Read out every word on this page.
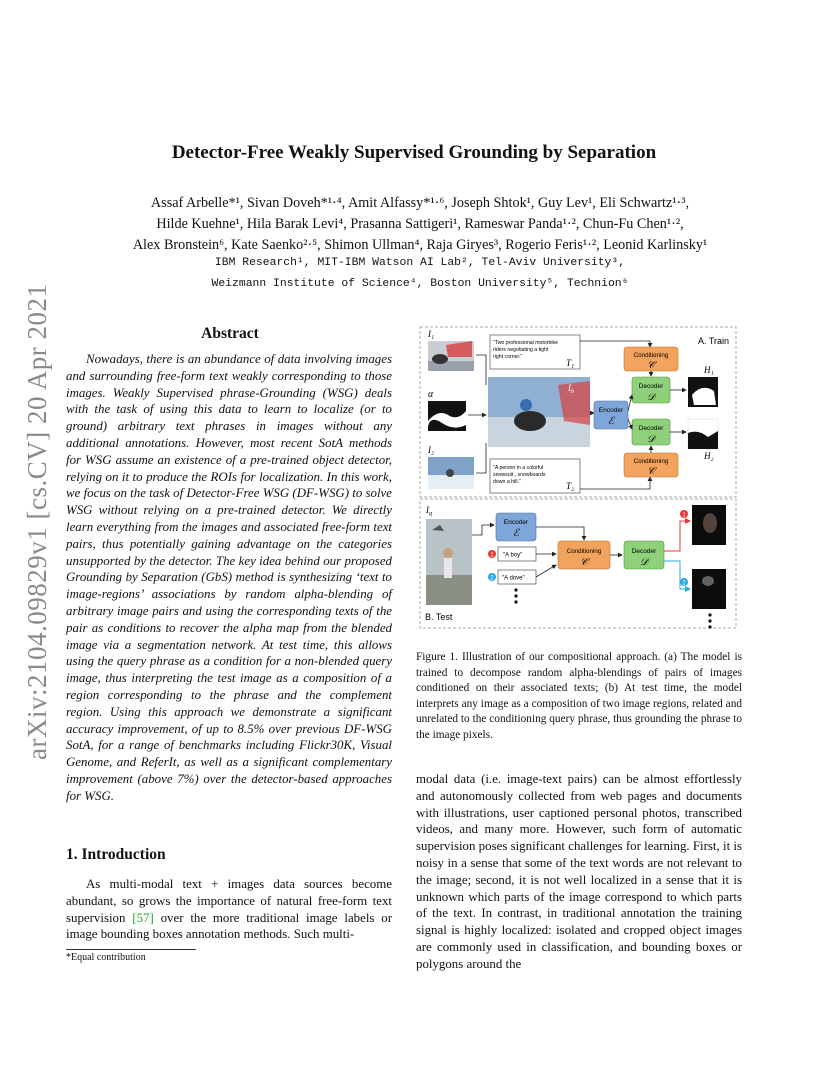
arXiv:2104.09829v1 [cs.CV] 20 Apr 2021
Detector-Free Weakly Supervised Grounding by Separation
Assaf Arbelle*¹, Sivan Doveh*¹·⁴, Amit Alfassy*¹·⁶, Joseph Shtok¹, Guy Lev¹, Eli Schwartz¹·³,
Hilde Kuehne¹, Hila Barak Levi⁴, Prasanna Sattigeri¹, Rameswar Panda¹·², Chun-Fu Chen¹·²,
Alex Bronstein⁶, Kate Saenko²·⁵, Shimon Ullman⁴, Raja Giryes³, Rogerio Feris¹·², Leonid Karlinsky¹
IBM Research¹, MIT-IBM Watson AI Lab², Tel-Aviv University³,
Weizmann Institute of Science⁴, Boston University⁵, Technion⁶
Abstract
Nowadays, there is an abundance of data involving images and surrounding free-form text weakly corresponding to those images. Weakly Supervised phrase-Grounding (WSG) deals with the task of using this data to learn to localize (or to ground) arbitrary text phrases in images without any additional annotations. However, most recent SotA methods for WSG assume an existence of a pre-trained object detector, relying on it to produce the ROIs for localization. In this work, we focus on the task of Detector-Free WSG (DF-WSG) to solve WSG without relying on a pre-trained detector. We directly learn everything from the images and associated free-form text pairs, thus potentially gaining advantage on the categories unsupported by the detector. The key idea behind our proposed Grounding by Separation (GbS) method is synthesizing ‘text to image-regions’ associations by random alpha-blending of arbitrary image pairs and using the corresponding texts of the pair as conditions to recover the alpha map from the blended image via a segmentation network. At test time, this allows using the query phrase as a condition for a non-blended query image, thus interpreting the test image as a composition of a region corresponding to the phrase and the complement region. Using this approach we demonstrate a significant accuracy improvement, of up to 8.5% over previous DF-WSG SotA, for a range of benchmarks including Flickr30K, Visual Genome, and ReferIt, as well as a significant complementary improvement (above 7%) over the detector-based approaches for WSG.
1. Introduction
As multi-modal text + images data sources become abundant, so grows the importance of natural free-form text supervision [57] over the more traditional image labels or image bounding boxes annotation methods. Such multi-
*Equal contribution
A. Train
B. Test
I₁
α
I₂
"Two professional motorbike riders negotiating a tight right corner."
T₁
"A person in a colorful snowsuit , snowboards down a hill."	T₂
$I_b$
Encoder
ℰ
Conditioning
𝒞
Conditioning
𝒞
Decoder
𝒟
Decoder
𝒟
H₁
H₂
$I_q$
Encoder
ℰ
1 "A boy"
2 "A dove"
Conditioning
𝒞
Decoder
𝒟
1
2
Figure 1. Illustration of our compositional approach. (a) The model is trained to decompose random alpha-blendings of pairs of images conditioned on their associated texts; (b) At test time, the model interprets any image as a composition of two image regions, related and unrelated to the conditioning query phrase, thus grounding the phrase to the image pixels.
modal data (i.e. image-text pairs) can be almost effortlessly and autonomously collected from web pages and documents with illustrations, user captioned personal photos, transcribed videos, and many more. However, such form of automatic supervision poses significant challenges for learning. First, it is noisy in a sense that some of the text words are not relevant to the image; second, it is not well localized in a sense that it is unknown which parts of the image correspond to which parts of the text. In contrast, in traditional annotation the training signal is highly localized: isolated and cropped object images are commonly used in classification, and bounding boxes or polygons around the
